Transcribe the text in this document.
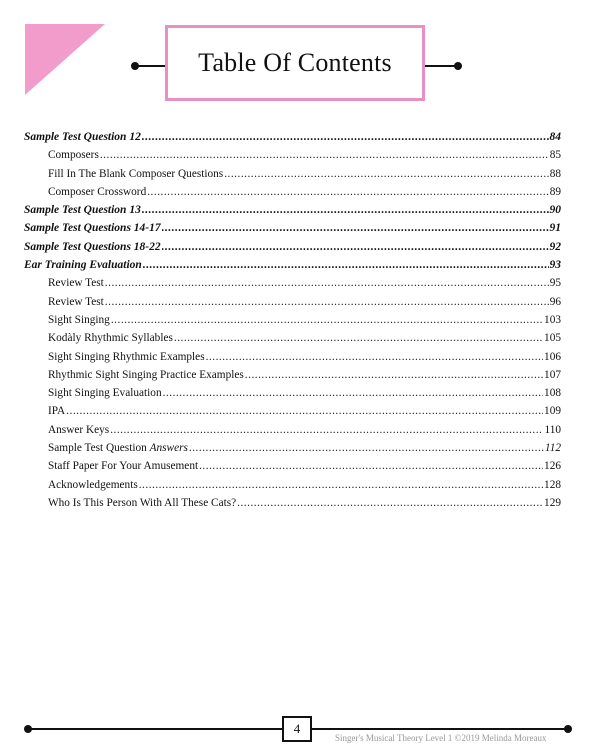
Table Of Contents
Sample Test Question 12 .....	84
Composers .....	85
Fill In The Blank Composer Questions .....	88
Composer Crossword .....	89
Sample Test Question 13 .....	90
Sample Test Questions 14-17 .....	91
Sample Test Questions 18-22 .....	92
Ear Training Evaluation .....	93
Review Test .....	95
Review Test .....	96
Sight Singing .....	103
Kodàly Rhythmic Syllables .....	105
Sight Singing Rhythmic Examples .....	106
Rhythmic Sight Singing Practice Examples .....	107
Sight Singing Evaluation .....	108
IPA .....	109
Answer Keys .....	110
Sample Test Question Answers .....	112
Staff Paper For Your Amusement .....	126
Acknowledgements .....	128
Who Is This Person With All These Cats? .....	129
4
Singer's Musical Theory Level 1 ©2019 Melinda Moreaux
